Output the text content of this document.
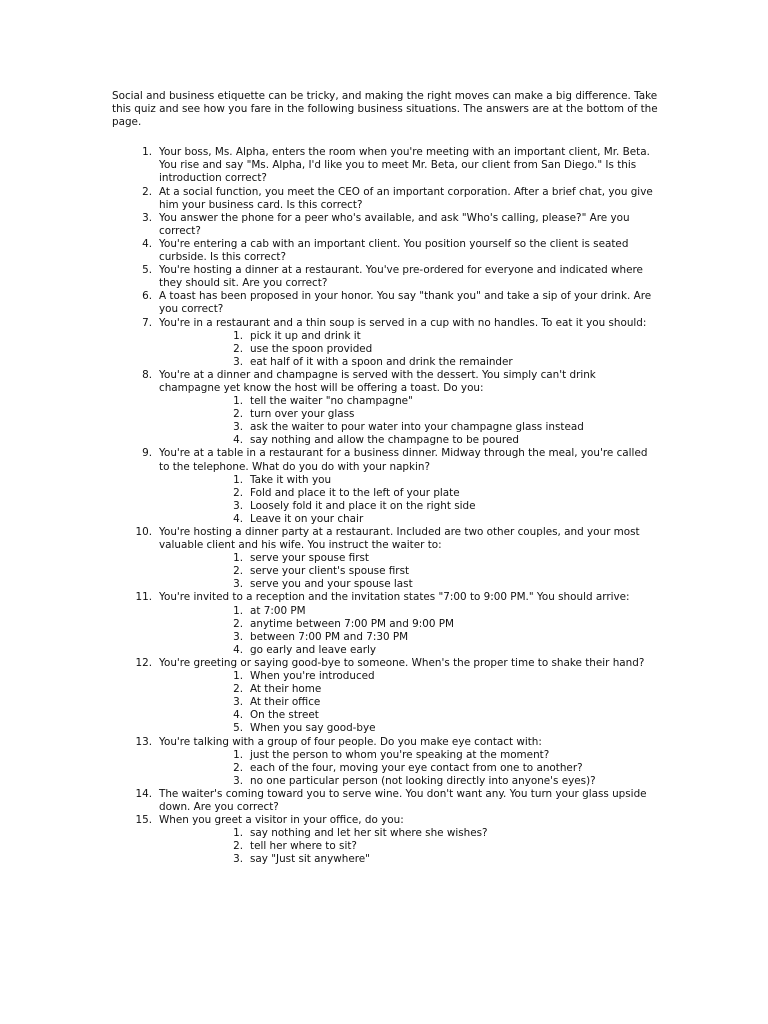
Social and business etiquette can be tricky, and making the right moves can make a big difference. Take this quiz and see how you fare in the following business situations. The answers are at the bottom of the page.

1. Your boss, Ms. Alpha, enters the room when you're meeting with an important client, Mr. Beta. You rise and say "Ms. Alpha, I'd like you to meet Mr. Beta, our client from San Diego." Is this introduction correct?
2. At a social function, you meet the CEO of an important corporation. After a brief chat, you give him your business card. Is this correct?
3. You answer the phone for a peer who's available, and ask "Who's calling, please?" Are you correct?
4. You're entering a cab with an important client. You position yourself so the client is seated curbside. Is this correct?
5. You're hosting a dinner at a restaurant. You've pre-ordered for everyone and indicated where they should sit. Are you correct?
6. A toast has been proposed in your honor. You say "thank you" and take a sip of your drink. Are you correct?
7. You're in a restaurant and a thin soup is served in a cup with no handles. To eat it you should:
1. pick it up and drink it
2. use the spoon provided
3. eat half of it with a spoon and drink the remainder
8. You're at a dinner and champagne is served with the dessert. You simply can't drink champagne yet know the host will be offering a toast. Do you:
1. tell the waiter "no champagne"
2. turn over your glass
3. ask the waiter to pour water into your champagne glass instead
4. say nothing and allow the champagne to be poured
9. You're at a table in a restaurant for a business dinner. Midway through the meal, you're called to the telephone. What do you do with your napkin?
1. Take it with you
2. Fold and place it to the left of your plate
3. Loosely fold it and place it on the right side
4. Leave it on your chair
10. You're hosting a dinner party at a restaurant. Included are two other couples, and your most valuable client and his wife. You instruct the waiter to:
1. serve your spouse first
2. serve your client's spouse first
3. serve you and your spouse last
11. You're invited to a reception and the invitation states "7:00 to 9:00 PM." You should arrive:
1. at 7:00 PM
2. anytime between 7:00 PM and 9:00 PM
3. between 7:00 PM and 7:30 PM
4. go early and leave early
12. You're greeting or saying good-bye to someone. When's the proper time to shake their hand?
1. When you're introduced
2. At their home
3. At their office
4. On the street
5. When you say good-bye
13. You're talking with a group of four people. Do you make eye contact with:
1. just the person to whom you're speaking at the moment?
2. each of the four, moving your eye contact from one to another?
3. no one particular person (not looking directly into anyone's eyes)?
14. The waiter's coming toward you to serve wine. You don't want any. You turn your glass upside down. Are you correct?
15. When you greet a visitor in your office, do you:
1. say nothing and let her sit where she wishes?
2. tell her where to sit?
3. say "Just sit anywhere"
